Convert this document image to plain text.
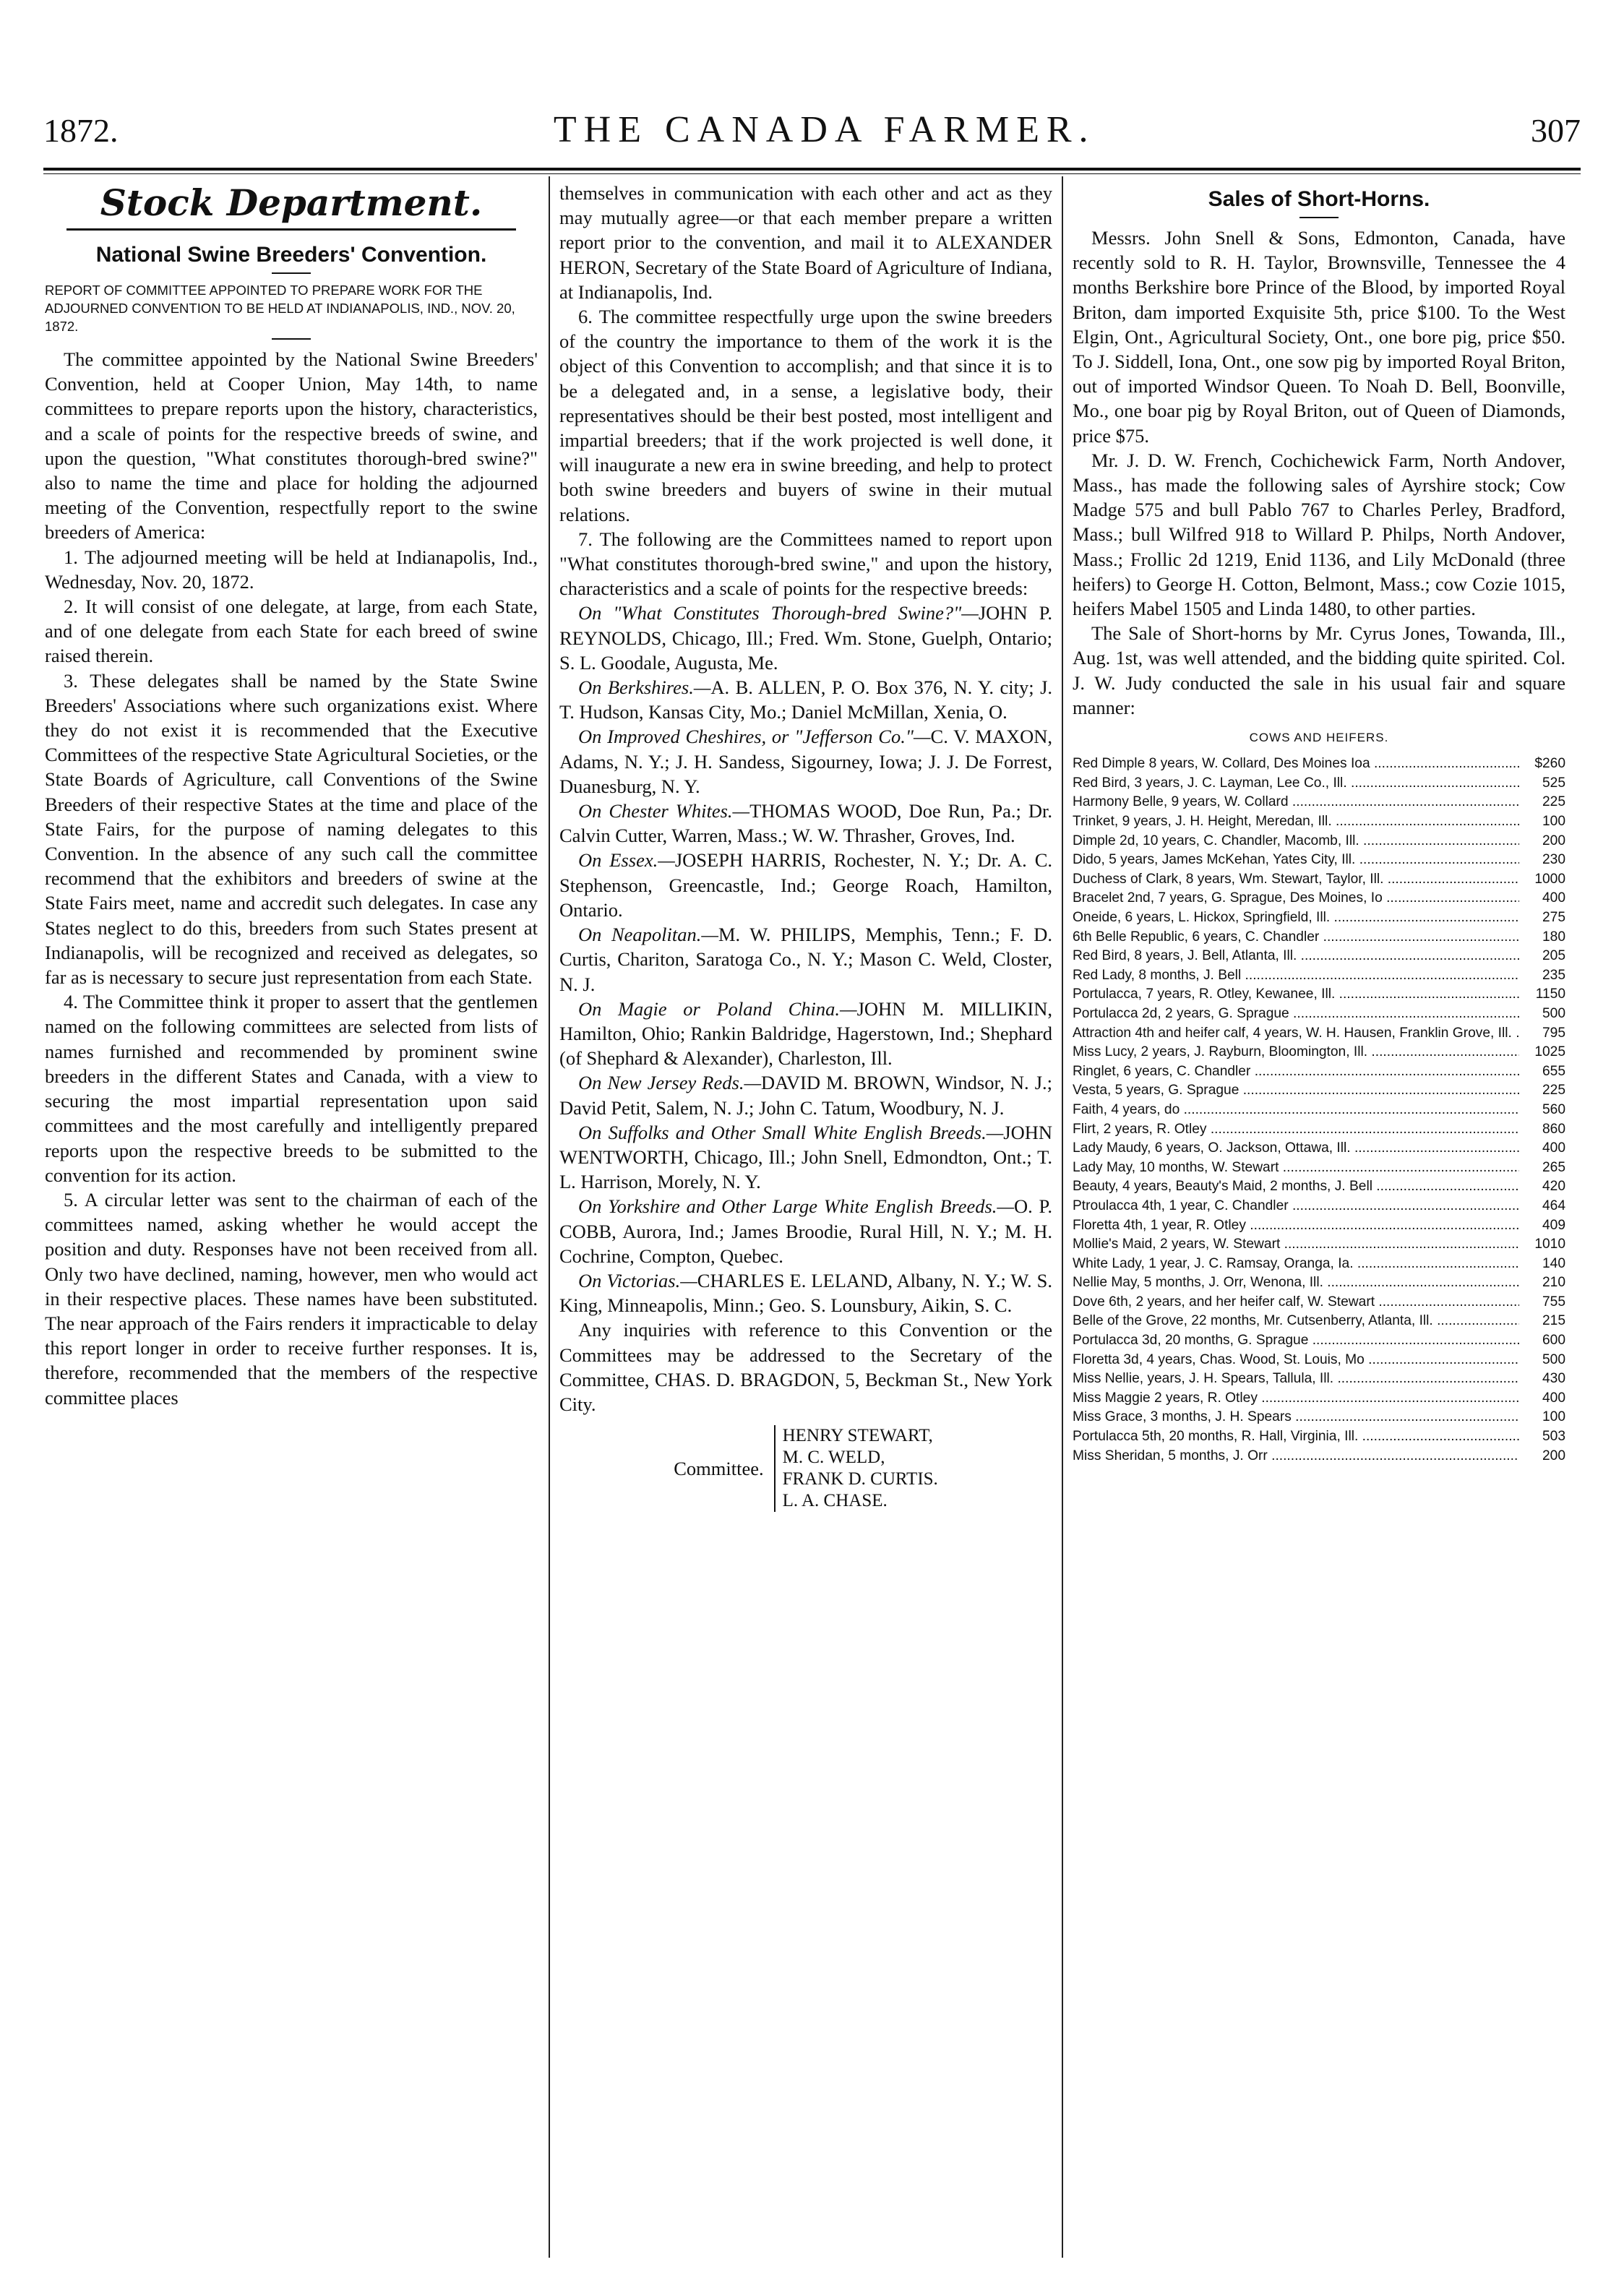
1872.	THE CANADA FARMER.	307
Stock Department.
National Swine Breeders' Convention.

REPORT OF COMMITTEE APPOINTED TO PREPARE WORK FOR THE ADJOURNED CONVENTION TO BE HELD AT INDIANAPOLIS, IND., NOV. 20, 1872.

The committee appointed by the National Swine Breeders' Convention, held at Cooper Union, May 14th, to name committees to prepare reports upon the history, characteristics, and a scale of points for the respective breeds of swine, and upon the question, "What constitutes thorough-bred swine?" also to name the time and place for holding the adjourned meeting of the Convention, respectfully report to the swine breeders of America:

1. The adjourned meeting will be held at Indianapolis, Ind., Wednesday, Nov. 20, 1872.

2. It will consist of one delegate, at large, from each State, and of one delegate from each State for each breed of swine raised therein.

3. These delegates shall be named by the State Swine Breeders' Associations where such organizations exist. Where they do not exist it is recommended that the Executive Committees of the respective State Agricultural Societies, or the State Boards of Agriculture, call Conventions of the Swine Breeders of their respective States at the time and place of the State Fairs, for the purpose of naming delegates to this Convention. In the absence of any such call the committee recommend that the exhibitors and breeders of swine at the State Fairs meet, name and accredit such delegates. In case any States neglect to do this, breeders from such States present at Indianapolis, will be recognized and received as delegates, so far as is necessary to secure just representation from each State.

4. The Committee think it proper to assert that the gentlemen named on the following committees are selected from lists of names furnished and recommended by prominent swine breeders in the different States and Canada, with a view to securing the most impartial representation upon said committees and the most carefully and intelligently prepared reports upon the respective breeds to be submitted to the convention for its action.

5. A circular letter was sent to the chairman of each of the committees named, asking whether he would accept the position and duty. Responses have not been received from all. Only two have declined, naming, however, men who would act in their respective places. These names have been substituted. The near approach of the Fairs renders it impracticable to delay this report longer in order to receive further responses. It is, therefore, recommended that the members of the respective committee places

themselves in communication with each other and act as they may mutually agree—or that each member prepare a written report prior to the convention, and mail it to ALEXANDER HERON, Secretary of the State Board of Agriculture of Indiana, at Indianapolis, Ind.

6. The committee respectfully urge upon the swine breeders of the country the importance to them of the work it is the object of this Convention to accomplish; and that since it is to be a delegated and, in a sense, a legislative body, their representatives should be their best posted, most intelligent and impartial breeders; that if the work projected is well done, it will inaugurate a new era in swine breeding, and help to protect both swine breeders and buyers of swine in their mutual relations.

7. The following are the Committees named to report upon "What constitutes thorough-bred swine," and upon the history, characteristics and a scale of points for the respective breeds:

On "What Constitutes Thorough-bred Swine?"—JOHN P. REYNOLDS, Chicago, Ill.; Fred. Wm. Stone, Guelph, Ontario; S. L. Goodale, Augusta, Me.

On Berkshires.—A. B. ALLEN, P. O. Box 376, N. Y. city; J. T. Hudson, Kansas City, Mo.; Daniel McMillan, Xenia, O.

On Improved Cheshires, or "Jefferson Co."—C. V. MAXON, Adams, N. Y.; J. H. Sandess, Sigourney, Iowa; J. J. De Forrest, Duanesburg, N. Y.

On Chester Whites.—THOMAS WOOD, Doe Run, Pa.; Dr. Calvin Cutter, Warren, Mass.; W. W. Thrasher, Groves, Ind.

On Essex.—JOSEPH HARRIS, Rochester, N. Y.; Dr. A. C. Stephenson, Greencastle, Ind.; George Roach, Hamilton, Ontario.

On Neapolitan.—M. W. PHILIPS, Memphis, Tenn.; F. D. Curtis, Chariton, Saratoga Co., N. Y.; Mason C. Weld, Closter, N. J.

On Magie or Poland China.—JOHN M. MILLIKIN, Hamilton, Ohio; Rankin Baldridge, Hagerstown, Ind.; Shephard (of Shephard & Alexander), Charleston, Ill.

On New Jersey Reds.—DAVID M. BROWN, Windsor, N. J.; David Petit, Salem, N. J.; John C. Tatum, Woodbury, N. J.

On Suffolks and Other Small White English Breeds.—JOHN WENTWORTH, Chicago, Ill.; John Snell, Edmondton, Ont.; T. L. Harrison, Morely, N. Y.

On Yorkshire and Other Large White English Breeds.—O. P. COBB, Aurora, Ind.; James Broodie, Rural Hill, N. Y.; M. H. Cochrine, Compton, Quebec.

On Victorias.—CHARLES E. LELAND, Albany, N. Y.; W. S. King, Minneapolis, Minn.; Geo. S. Lounsbury, Aikin, S. C.

Any inquiries with reference to this Convention or the Committees may be addressed to the Secretary of the Committee, CHAS. D. BRAGDON, 5, Beckman St., New York City.

Committee.
HENRY STEWART,
M. C. WELD,
FRANK D. CURTIS.
L. A. CHASE.
Sales of Short-Horns.

Messrs. John Snell & Sons, Edmonton, Canada, have recently sold to R. H. Taylor, Brownsville, Tennessee the 4 months Berkshire bore Prince of the Blood, by imported Royal Briton, dam imported Exquisite 5th, price $100. To the West Elgin, Ont., Agricultural Society, Ont., one bore pig, price $50. To J. Siddell, Iona, Ont., one sow pig by imported Royal Briton, out of imported Windsor Queen. To Noah D. Bell, Boonville, Mo., one boar pig by Royal Briton, out of Queen of Diamonds, price $75.

Mr. J. D. W. French, Cochichewick Farm, North Andover, Mass., has made the following sales of Ayrshire stock; Cow Madge 575 and bull Pablo 767 to Charles Perley, Bradford, Mass.; bull Wilfred 918 to Willard P. Philps, North Andover, Mass.; Frollic 2d 1219, Enid 1136, and Lily McDonald (three heifers) to George H. Cotton, Belmont, Mass.; cow Cozie 1015, heifers Mabel 1505 and Linda 1480, to other parties.

The Sale of Short-horns by Mr. Cyrus Jones, Towanda, Ill., Aug. 1st, was well attended, and the bidding quite spirited. Col. J. W. Judy conducted the sale in his usual fair and square manner:

COWS AND HEIFERS.
Red Dimple 8 years, W. Collard, Des Moines Ioa .....	$260
Red Bird, 3 years, J. C. Layman, Lee Co., Ill. .....	525
Harmony Belle, 9 years, W. Collard .....	225
Trinket, 9 years, J. H. Height, Meredan, Ill. .....	100
Dimple 2d, 10 years, C. Chandler, Macomb, Ill. .....	200
Dido, 5 years, James McKehan, Yates City, Ill. .....	230
Duchess of Clark, 8 years, Wm. Stewart, Taylor, Ill. .....	1000
Bracelet 2nd, 7 years, G. Sprague, Des Moines, Io .....	400
Oneide, 6 years, L. Hickox, Springfield, Ill. .....	275
6th Belle Republic, 6 years, C. Chandler .....	180
Red Bird, 8 years, J. Bell, Atlanta, Ill. .....	205
Red Lady, 8 months, J. Bell .....	235
Portulacca, 7 years, R. Otley, Kewanee, Ill. .....	1150
Portulacca 2d, 2 years, G. Sprague .....	500
Attraction 4th and heifer calf, 4 years, W. H. Hausen, Franklin Grove, Ill. .....	795
Miss Lucy, 2 years, J. Rayburn, Bloomington, Ill. .....	1025
Ringlet, 6 years, C. Chandler .....	655
Vesta, 5 years, G. Sprague .....	225
Faith, 4 years, do .....	560
Flirt, 2 years, R. Otley .....	860
Lady Maudy, 6 years, O. Jackson, Ottawa, Ill. .....	400
Lady May, 10 months, W. Stewart .....	265
Beauty, 4 years, Beauty's Maid, 2 months, J. Bell .....	420
Ptroulacca 4th, 1 year, C. Chandler .....	464
Floretta 4th, 1 year, R. Otley .....	409
Mollie's Maid, 2 years, W. Stewart .....	1010
White Lady, 1 year, J. C. Ramsay, Oranga, Ia. .....	140
Nellie May, 5 months, J. Orr, Wenona, Ill. .....	210
Dove 6th, 2 years, and her heifer calf, W. Stewart .....	755
Belle of the Grove, 22 months, Mr. Cutsenberry, Atlanta, Ill. .....	215
Portulacca 3d, 20 months, G. Sprague .....	600
Floretta 3d, 4 years, Chas. Wood, St. Louis, Mo .....	500
Miss Nellie, years, J. H. Spears, Tallula, Ill. .....	430
Miss Maggie 2 years, R. Otley .....	400
Miss Grace, 3 months, J. H. Spears .....	100
Portulacca 5th, 20 months, R. Hall, Virginia, Ill. .....	503
Miss Sheridan, 5 months, J. Orr .....	200
